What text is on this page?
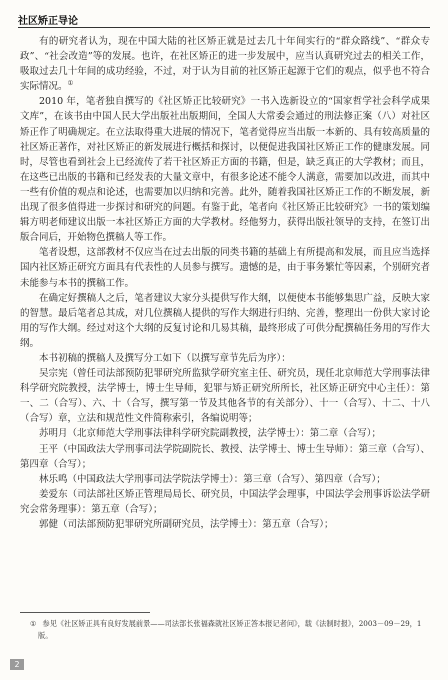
社区矫正导论

有的研究者认为，现在中国大陆的社区矫正就是过去几十年间实行的“群众路线”、“群众专政”、“社会改造”等的发展。也许，在社区矫正的进一步发展中，应当认真研究过去的相关工作，吸取过去几十年间的成功经验，不过，对于认为目前的社区矫正起源于它们的观点，似乎也不符合实际情况。①

2010 年，笔者独自撰写的《社区矫正比较研究》一书入选新设立的“国家哲学社会科学成果文库”，在该书由中国人民大学出版社出版期间，全国人大常委会通过的刑法修正案（八）对社区矫正作了明确规定。在立法取得重大进展的情况下，笔者觉得应当出版一本新的、具有较高质量的社区矫正著作，对社区矫正的新发展进行概括和探讨，以便促进我国社区矫正工作的健康发展。同时，尽管也看到社会上已经流传了若干社区矫正方面的书籍，但是，缺乏真正的大学教材；而且，在这些已出版的书籍和已经发表的大量文章中，有很多论述不能令人满意，需要加以改进，而其中一些有价值的观点和论述，也需要加以归纳和完善。此外，随着我国社区矫正工作的不断发展，新出现了很多值得进一步探讨和研究的问题。有鉴于此，笔者向《社区矫正比较研究》一书的策划编辑方明老师建议出版一本社区矫正方面的大学教材。经他努力，获得出版社领导的支持，在签订出版合同后，开始物色撰稿人等工作。

笔者设想，这部教材不仅应当在过去出版的同类书籍的基础上有所提高和发展，而且应当选择国内社区矫正研究方面具有代表性的人员参与撰写。遗憾的是，由于事务繁忙等因素，个别研究者未能参与本书的撰稿工作。

在确定好撰稿人之后，笔者建议大家分头提供写作大纲，以便使本书能够集思广益，反映大家的智慧。最后笔者总其成，对几位撰稿人提供的写作大纲进行归纳、完善，整理出一份供大家讨论用的写作大纲。经过对这个大纲的反复讨论和几易其稿，最终形成了可供分配撰稿任务用的写作大纲。

本书初稿的撰稿人及撰写分工如下（以撰写章节先后为序）：

吴宗宪（曾任司法部预防犯罪研究所监狱学研究室主任、研究员，现任北京师范大学刑事法律科学研究院教授，法学博士，博士生导师，犯罪与矫正研究所所长，社区矫正研究中心主任）：第一、二（合写）、六、十（合写，撰写第一节及其他各节的有关部分）、十一（合写）、十二、十八（合写）章，立法和规范性文件简称索引，各编说明等；

苏明月（北京师范大学刑事法律科学研究院副教授，法学博士）：第二章（合写）；

王平（中国政法大学刑事司法学院副院长、教授、法学博士、博士生导师）：第三章（合写）、第四章（合写）；

林乐鸣（中国政法大学刑事司法学院法学博士）：第三章（合写）、第四章（合写）；

姜爱东（司法部社区矫正管理局局长、研究员，中国法学会理事，中国法学会刑事诉讼法学研究会常务理事）：第五章（合写）；

郭健（司法部预防犯罪研究所副研究员，法学博士）：第五章（合写）；

① 参见《社区矫正具有良好发展前景——司法部长张福森就社区矫正答本报记者问》，载《法制时报》，2003－09－29，1 版。
2
